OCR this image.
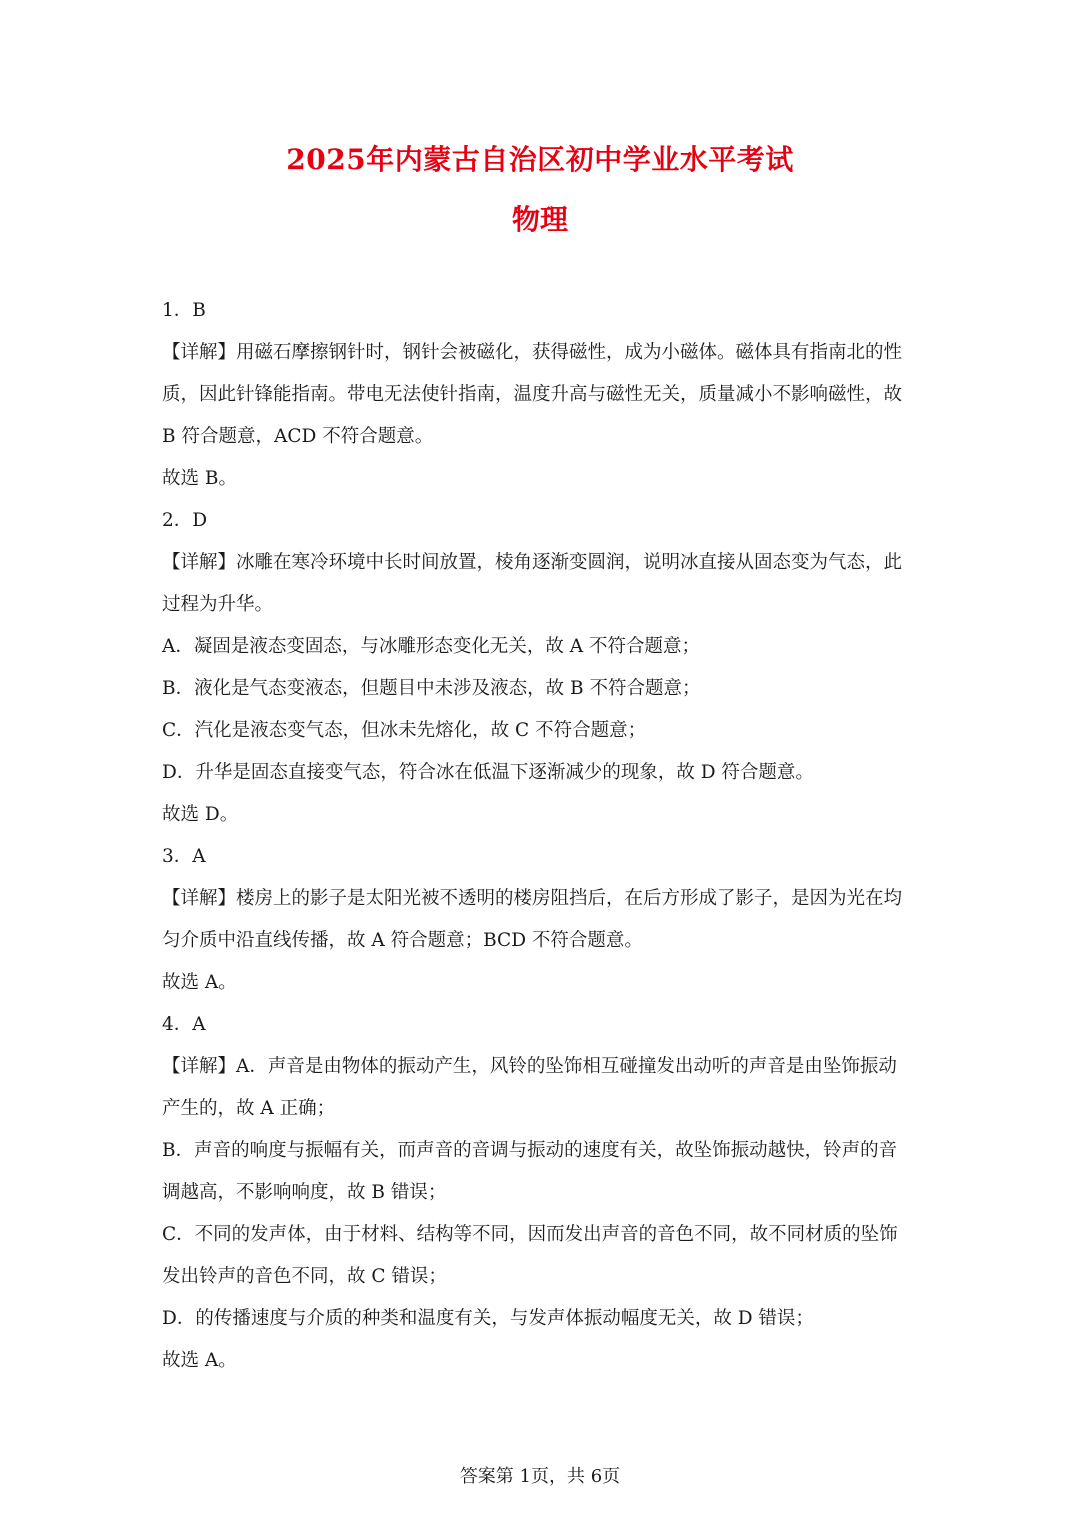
2025年内蒙古自治区初中学业水平考试
物理
1．B
【详解】用磁石摩擦钢针时，钢针会被磁化，获得磁性，成为小磁体。磁体具有指南北的性
质，因此针锋能指南。带电无法使针指南，温度升高与磁性无关，质量减小不影响磁性，故
B 符合题意，ACD 不符合题意。
故选 B。
2．D
【详解】冰雕在寒冷环境中长时间放置，棱角逐渐变圆润，说明冰直接从固态变为气态，此
过程为升华。
A．凝固是液态变固态，与冰雕形态变化无关，故 A 不符合题意；
B．液化是气态变液态，但题目中未涉及液态，故 B 不符合题意；
C．汽化是液态变气态，但冰未先熔化，故 C 不符合题意；
D．升华是固态直接变气态，符合冰在低温下逐渐减少的现象，故 D 符合题意。
故选 D。
3．A
【详解】楼房上的影子是太阳光被不透明的楼房阻挡后，在后方形成了影子，是因为光在均
匀介质中沿直线传播，故 A 符合题意；BCD 不符合题意。
故选 A。
4．A
【详解】A．声音是由物体的振动产生，风铃的坠饰相互碰撞发出动听的声音是由坠饰振动
产生的，故 A 正确；
B．声音的响度与振幅有关，而声音的音调与振动的速度有关，故坠饰振动越快，铃声的音
调越高，不影响响度，故 B 错误；
C．不同的发声体，由于材料、结构等不同，因而发出声音的音色不同，故不同材质的坠饰
发出铃声的音色不同，故 C 错误；
D．的传播速度与介质的种类和温度有关，与发声体振动幅度无关，故 D 错误；
故选 A。
答案第 1页，共 6页
